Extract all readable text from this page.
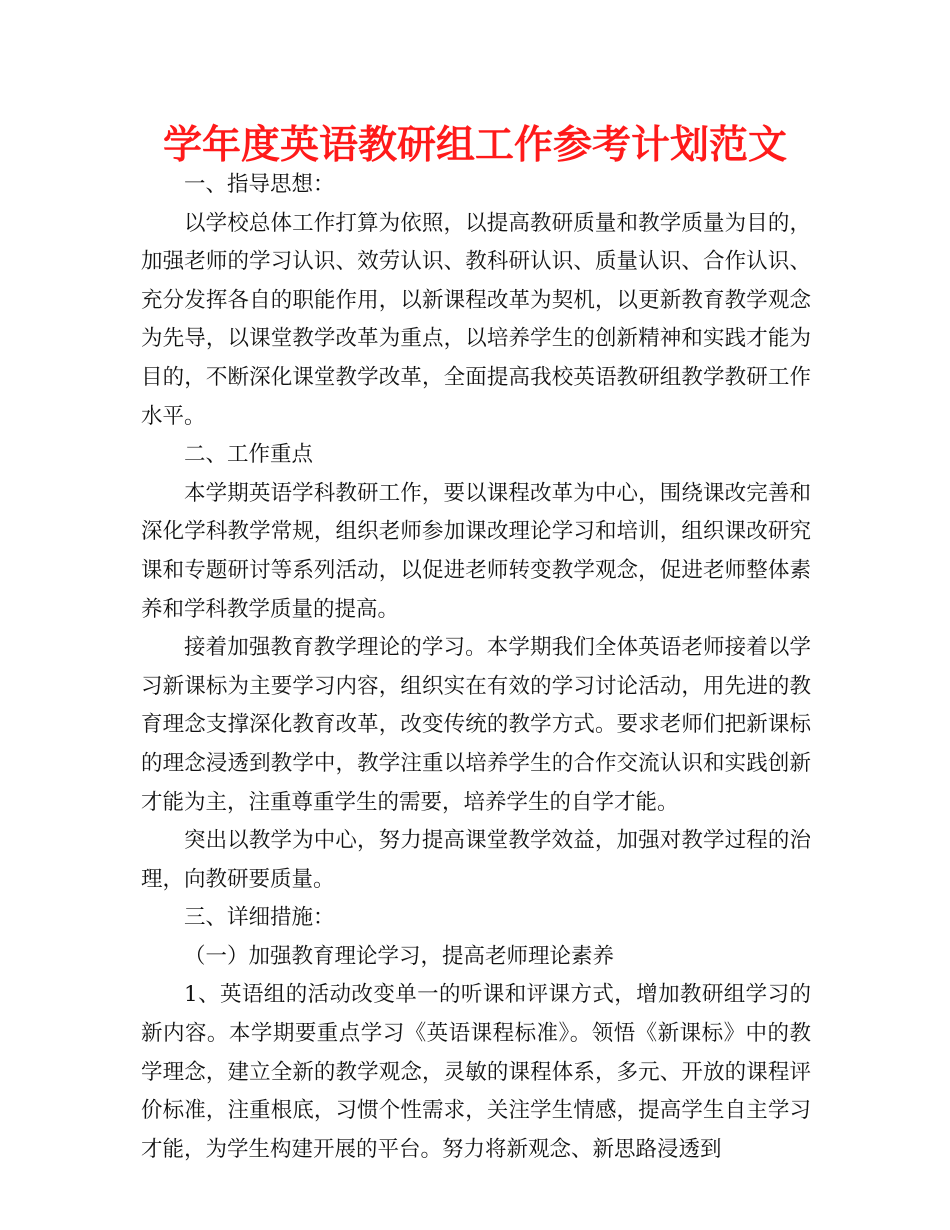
学年度英语教研组工作参考计划范文

一、指导思想：

以学校总体工作打算为依照，以提高教研质量和教学质量为目的，加强老师的学习认识、效劳认识、教科研认识、质量认识、合作认识、充分发挥各自的职能作用，以新课程改革为契机，以更新教育教学观念为先导，以课堂教学改革为重点，以培养学生的创新精神和实践才能为目的，不断深化课堂教学改革，全面提高我校英语教研组教学教研工作水平。

二、工作重点

本学期英语学科教研工作，要以课程改革为中心，围绕课改完善和深化学科教学常规，组织老师参加课改理论学习和培训，组织课改研究课和专题研讨等系列活动，以促进老师转变教学观念，促进老师整体素养和学科教学质量的提高。

接着加强教育教学理论的学习。本学期我们全体英语老师接着以学习新课标为主要学习内容，组织实在有效的学习讨论活动，用先进的教育理念支撑深化教育改革，改变传统的教学方式。要求老师们把新课标的理念浸透到教学中，教学注重以培养学生的合作交流认识和实践创新才能为主，注重尊重学生的需要，培养学生的自学才能。

突出以教学为中心，努力提高课堂教学效益，加强对教学过程的治理，向教研要质量。

三、详细措施：

（一）加强教育理论学习，提高老师理论素养

1、英语组的活动改变单一的听课和评课方式，增加教研组学习的新内容。本学期要重点学习《英语课程标准》。领悟《新课标》中的教学理念，建立全新的教学观念，灵敏的课程体系，多元、开放的课程评价标准，注重根底，习惯个性需求，关注学生情感，提高学生自主学习才能，为学生构建开展的平台。努力将新观念、新思路浸透到
